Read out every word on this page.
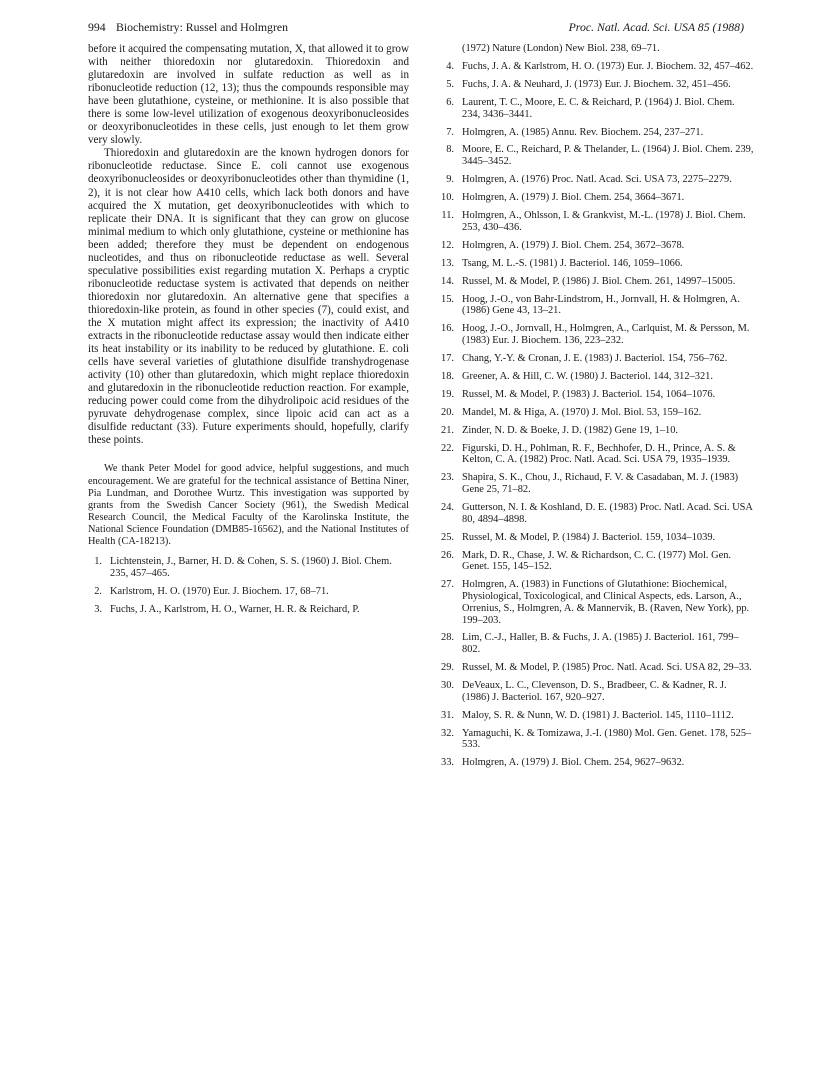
994 Biochemistry: Russel and Holmgren	Proc. Natl. Acad. Sci. USA 85 (1988)

before it acquired the compensating mutation, X, that allowed it to grow with neither thioredoxin nor glutaredoxin. Thioredoxin and glutaredoxin are involved in sulfate reduction as well as in ribonucleotide reduction (12, 13); thus the compounds responsible may have been glutathione, cysteine, or methionine. It is also possible that there is some low-level utilization of exogenous deoxyribonucleosides or deoxyribonucleotides in these cells, just enough to let them grow very slowly.

Thioredoxin and glutaredoxin are the known hydrogen donors for ribonucleotide reductase. Since E. coli cannot use exogenous deoxyribonucleosides or deoxyribonucleotides other than thymidine (1, 2), it is not clear how A410 cells, which lack both donors and have acquired the X mutation, get deoxyribonucleotides with which to replicate their DNA. It is significant that they can grow on glucose minimal medium to which only glutathione, cysteine or methionine has been added; therefore they must be dependent on endogenous nucleotides, and thus on ribonucleotide reductase as well. Several speculative possibilities exist regarding mutation X. Perhaps a cryptic ribonucleotide reductase system is activated that depends on neither thioredoxin nor glutaredoxin. An alternative gene that specifies a thioredoxin-like protein, as found in other species (7), could exist, and the X mutation might affect its expression; the inactivity of A410 extracts in the ribonucleotide reductase assay would then indicate either its heat instability or its inability to be reduced by glutathione. E. coli cells have several varieties of glutathione disulfide transhydrogenase activity (10) other than glutaredoxin, which might replace thioredoxin and glutaredoxin in the ribonucleotide reduction reaction. For example, reducing power could come from the dihydrolipoic acid residues of the pyruvate dehydrogenase complex, since lipoic acid can act as a disulfide reductant (33). Future experiments should, hopefully, clarify these points.

We thank Peter Model for good advice, helpful suggestions, and much encouragement. We are grateful for the technical assistance of Bettina Niner, Pia Lundman, and Dorothee Wurtz. This investigation was supported by grants from the Swedish Cancer Society (961), the Swedish Medical Research Council, the Medical Faculty of the Karolinska Institute, the National Science Foundation (DMB85-16562), and the National Institutes of Health (CA-18213).

1. Lichtenstein, J., Barner, H. D. & Cohen, S. S. (1960) J. Biol. Chem. 235, 457–465.
2. Karlstrom, H. O. (1970) Eur. J. Biochem. 17, 68–71.
3. Fuchs, J. A., Karlstrom, H. O., Warner, H. R. & Reichard, P.
(1972) Nature (London) New Biol. 238, 69–71.
4. Fuchs, J. A. & Karlstrom, H. O. (1973) Eur. J. Biochem. 32, 457–462.
5. Fuchs, J. A. & Neuhard, J. (1973) Eur. J. Biochem. 32, 451–456.
6. Laurent, T. C., Moore, E. C. & Reichard, P. (1964) J. Biol. Chem. 234, 3436–3441.
7. Holmgren, A. (1985) Annu. Rev. Biochem. 254, 237–271.
8. Moore, E. C., Reichard, P. & Thelander, L. (1964) J. Biol. Chem. 239, 3445–3452.
9. Holmgren, A. (1976) Proc. Natl. Acad. Sci. USA 73, 2275–2279.
10. Holmgren, A. (1979) J. Biol. Chem. 254, 3664–3671.
11. Holmgren, A., Ohlsson, I. & Grankvist, M.-L. (1978) J. Biol. Chem. 253, 430–436.
12. Holmgren, A. (1979) J. Biol. Chem. 254, 3672–3678.
13. Tsang, M. L.-S. (1981) J. Bacteriol. 146, 1059–1066.
14. Russel, M. & Model, P. (1986) J. Biol. Chem. 261, 14997–15005.
15. Hoog, J.-O., von Bahr-Lindstrom, H., Jornvall, H. & Holmgren, A. (1986) Gene 43, 13–21.
16. Hoog, J.-O., Jornvall, H., Holmgren, A., Carlquist, M. & Persson, M. (1983) Eur. J. Biochem. 136, 223–232.
17. Chang, Y.-Y. & Cronan, J. E. (1983) J. Bacteriol. 154, 756–762.
18. Greener, A. & Hill, C. W. (1980) J. Bacteriol. 144, 312–321.
19. Russel, M. & Model, P. (1983) J. Bacteriol. 154, 1064–1076.
20. Mandel, M. & Higa, A. (1970) J. Mol. Biol. 53, 159–162.
21. Zinder, N. D. & Boeke, J. D. (1982) Gene 19, 1–10.
22. Figurski, D. H., Pohlman, R. F., Bechhofer, D. H., Prince, A. S. & Kelton, C. A. (1982) Proc. Natl. Acad. Sci. USA 79, 1935–1939.
23. Shapira, S. K., Chou, J., Richaud, F. V. & Casadaban, M. J. (1983) Gene 25, 71–82.
24. Gutterson, N. I. & Koshland, D. E. (1983) Proc. Natl. Acad. Sci. USA 80, 4894–4898.
25. Russel, M. & Model, P. (1984) J. Bacteriol. 159, 1034–1039.
26. Mark, D. R., Chase, J. W. & Richardson, C. C. (1977) Mol. Gen. Genet. 155, 145–152.
27. Holmgren, A. (1983) in Functions of Glutathione: Biochemical, Physiological, Toxicological, and Clinical Aspects, eds. Larson, A., Orrenius, S., Holmgren, A. & Mannervik, B. (Raven, New York), pp. 199–203.
28. Lim, C.-J., Haller, B. & Fuchs, J. A. (1985) J. Bacteriol. 161, 799–802.
29. Russel, M. & Model, P. (1985) Proc. Natl. Acad. Sci. USA 82, 29–33.
30. DeVeaux, L. C., Clevenson, D. S., Bradbeer, C. & Kadner, R. J. (1986) J. Bacteriol. 167, 920–927.
31. Maloy, S. R. & Nunn, W. D. (1981) J. Bacteriol. 145, 1110–1112.
32. Yamaguchi, K. & Tomizawa, J.-I. (1980) Mol. Gen. Genet. 178, 525–533.
33. Holmgren, A. (1979) J. Biol. Chem. 254, 9627–9632.
